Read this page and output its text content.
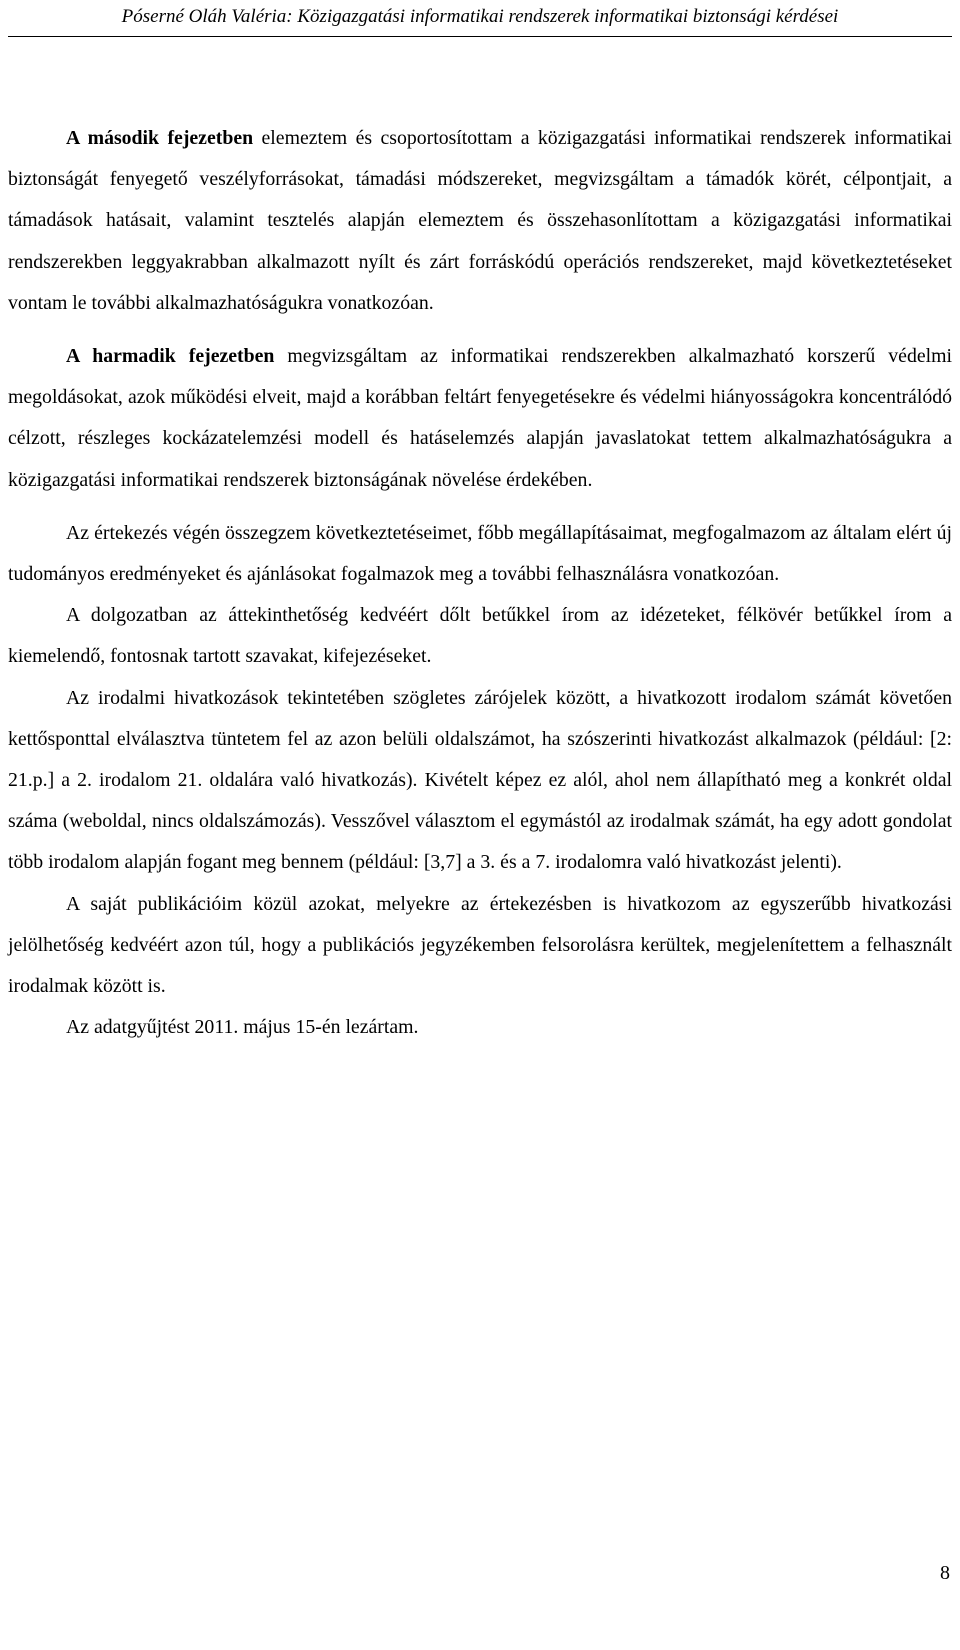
Póserné Oláh Valéria: Közigazgatási informatikai rendszerek informatikai biztonsági kérdései

A második fejezetben elemeztem és csoportosítottam a közigazgatási informatikai rendszerek informatikai biztonságát fenyegető veszélyforrásokat, támadási módszereket, megvizsgáltam a támadók körét, célpontjait, a támadások hatásait, valamint tesztelés alapján elemeztem és összehasonlítottam a közigazgatási informatikai rendszerekben leggyakrabban alkalmazott nyílt és zárt forráskódú operációs rendszereket, majd következtetéseket vontam le további alkalmazhatóságukra vonatkozóan.

A harmadik fejezetben megvizsgáltam az informatikai rendszerekben alkalmazható korszerű védelmi megoldásokat, azok működési elveit, majd a korábban feltárt fenyegetésekre és védelmi hiányosságokra koncentrálódó célzott, részleges kockázatelemzési modell és hatáselemzés alapján javaslatokat tettem alkalmazhatóságukra a közigazgatási informatikai rendszerek biztonságának növelése érdekében.

Az értekezés végén összegzem következtetéseimet, főbb megállapításaimat, megfogalmazom az általam elért új tudományos eredményeket és ajánlásokat fogalmazok meg a további felhasználásra vonatkozóan.

A dolgozatban az áttekinthetőség kedvéért dőlt betűkkel írom az idézeteket, félkövér betűkkel írom a kiemelendő, fontosnak tartott szavakat, kifejezéseket.

Az irodalmi hivatkozások tekintetében szögletes zárójelek között, a hivatkozott irodalom számát követően kettősponttal elválasztva tüntetem fel az azon belüli oldalszámot, ha szószerinti hivatkozást alkalmazok (például: [2: 21.p.] a 2. irodalom 21. oldalára való hivatkozás). Kivételt képez ez alól, ahol nem állapítható meg a konkrét oldal száma (weboldal, nincs oldalszámozás). Vesszővel választom el egymástól az irodalmak számát, ha egy adott gondolat több irodalom alapján fogant meg bennem (például: [3,7] a 3. és a 7. irodalomra való hivatkozást jelenti).

A saját publikációim közül azokat, melyekre az értekezésben is hivatkozom az egyszerűbb hivatkozási jelölhetőség kedvéért azon túl, hogy a publikációs jegyzékemben felsorolásra kerültek, megjelenítettem a felhasznált irodalmak között is.

Az adatgyűjtést 2011. május 15-én lezártam.

8
